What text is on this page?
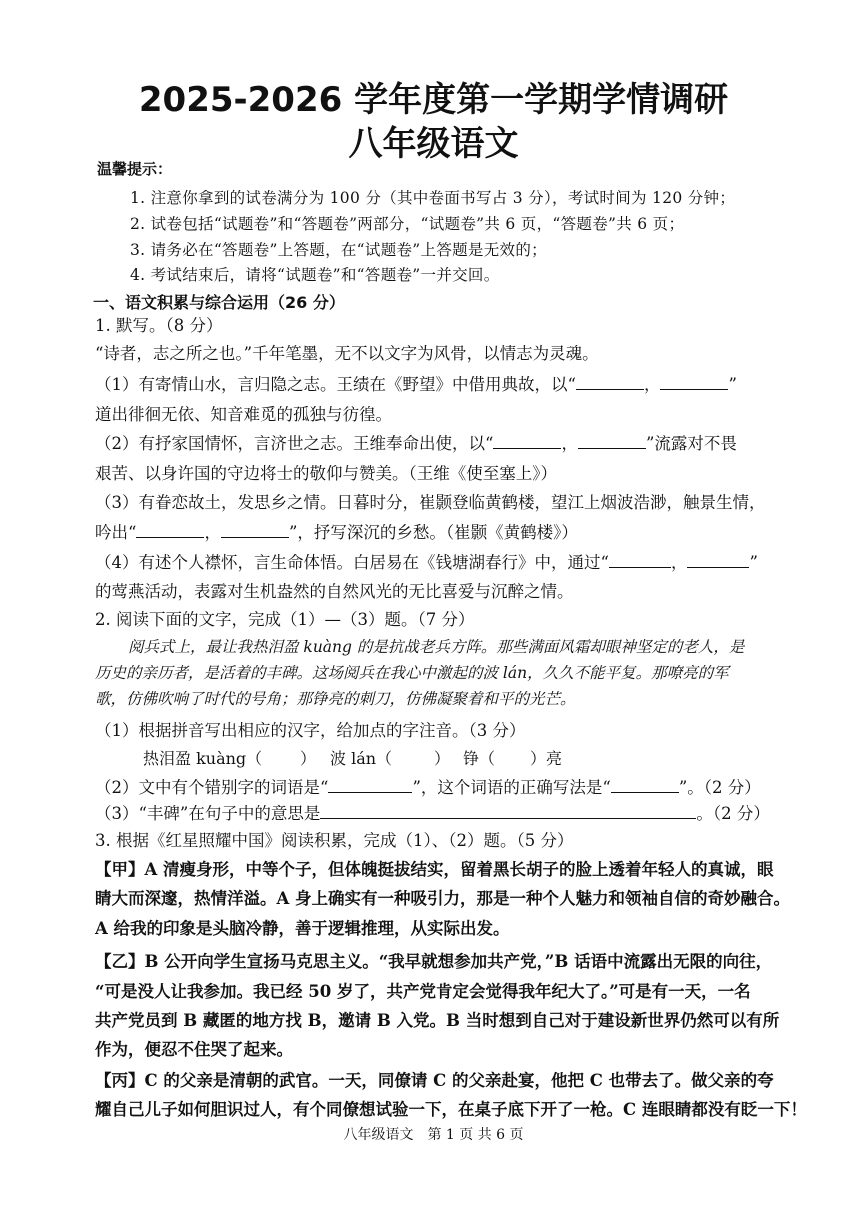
2025-2026 学年度第一学期学情调研
八年级语文
温馨提示：
1. 注意你拿到的试卷满分为 100 分（其中卷面书写占 3 分），考试时间为 120 分钟；
2. 试卷包括“试题卷”和“答题卷”两部分，“试题卷”共 6 页，“答题卷”共 6 页；
3. 请务必在“答题卷”上答题，在“试题卷”上答题是无效的；
4. 考试结束后，请将“试题卷”和“答题卷”一并交回。
一、语文积累与综合运用（26 分）
1. 默写。（8 分）
“诗者，志之所之也。”千年笔墨，无不以文字为风骨，以情志为灵魂。
（1）有寄情山水，言归隐之志。王绩在《野望》中借用典故，以“	，	”
道出徘徊无依、知音难觅的孤独与彷徨。
（2）有抒家国情怀，言济世之志。王维奉命出使，以“	，	”流露对不畏
艰苦、以身许国的守边将士的敬仰与赞美。（王维《使至塞上》）
（3）有眷恋故土，发思乡之情。日暮时分，崔颢登临黄鹤楼，望江上烟波浩渺，触景生情，
吟出“	，	”，抒写深沉的乡愁。（崔颢《黄鹤楼》）
（4）有述个人襟怀，言生命体悟。白居易在《钱塘湖春行》中，通过“	，	”
的莺燕活动，表露对生机盎然的自然风光的无比喜爱与沉醉之情。
2. 阅读下面的文字，完成（1）—（3）题。（7 分）
阅兵式上，最让我热泪盈 kuàng 的是抗战老兵方阵。那些满面风霜却眼神坚定的老人，是
历史的亲历者，是活着的丰碑。这场阅兵在我心中激起的波 lán，久久不能平复。那嘹亮的军
歌，仿佛吹响了时代的号角；那铮亮的刺刀，仿佛凝聚着和平的光芒。
（1）根据拼音写出相应的汉字，给加点的字注音。（3 分）
热泪盈 kuàng（ ） 波 lán（	） 铮（ ）亮
（2）文中有个错别字的词语是“	”，这个词语的正确写法是“	”。（2 分）
（3）“丰碑”在句子中的意思是	。（2 分）
3. 根据《红星照耀中国》阅读积累，完成（1）、（2）题。（5 分）
【甲】A 清瘦身形，中等个子，但体魄挺拔结实，留着黑长胡子的脸上透着年轻人的真诚，眼
睛大而深邃，热情洋溢。A 身上确实有一种吸引力，那是一种个人魅力和领袖自信的奇妙融合。
A 给我的印象是头脑冷静，善于逻辑推理，从实际出发。
【乙】B 公开向学生宣扬马克思主义。“我早就想参加共产党，”B 话语中流露出无限的向往，
“可是没人让我参加。我已经 50 岁了，共产党肯定会觉得我年纪大了。”可是有一天，一名
共产党员到 B 藏匿的地方找 B，邀请 B 入党。B 当时想到自己对于建设新世界仍然可以有所
作为，便忍不住哭了起来。
【丙】C 的父亲是清朝的武官。一天，同僚请 C 的父亲赴宴，他把 C 也带去了。做父亲的夸
耀自己儿子如何胆识过人，有个同僚想试验一下，在桌子底下开了一枪。C 连眼睛都没有眨一下！
八年级语文　第 1 页 共 6 页
